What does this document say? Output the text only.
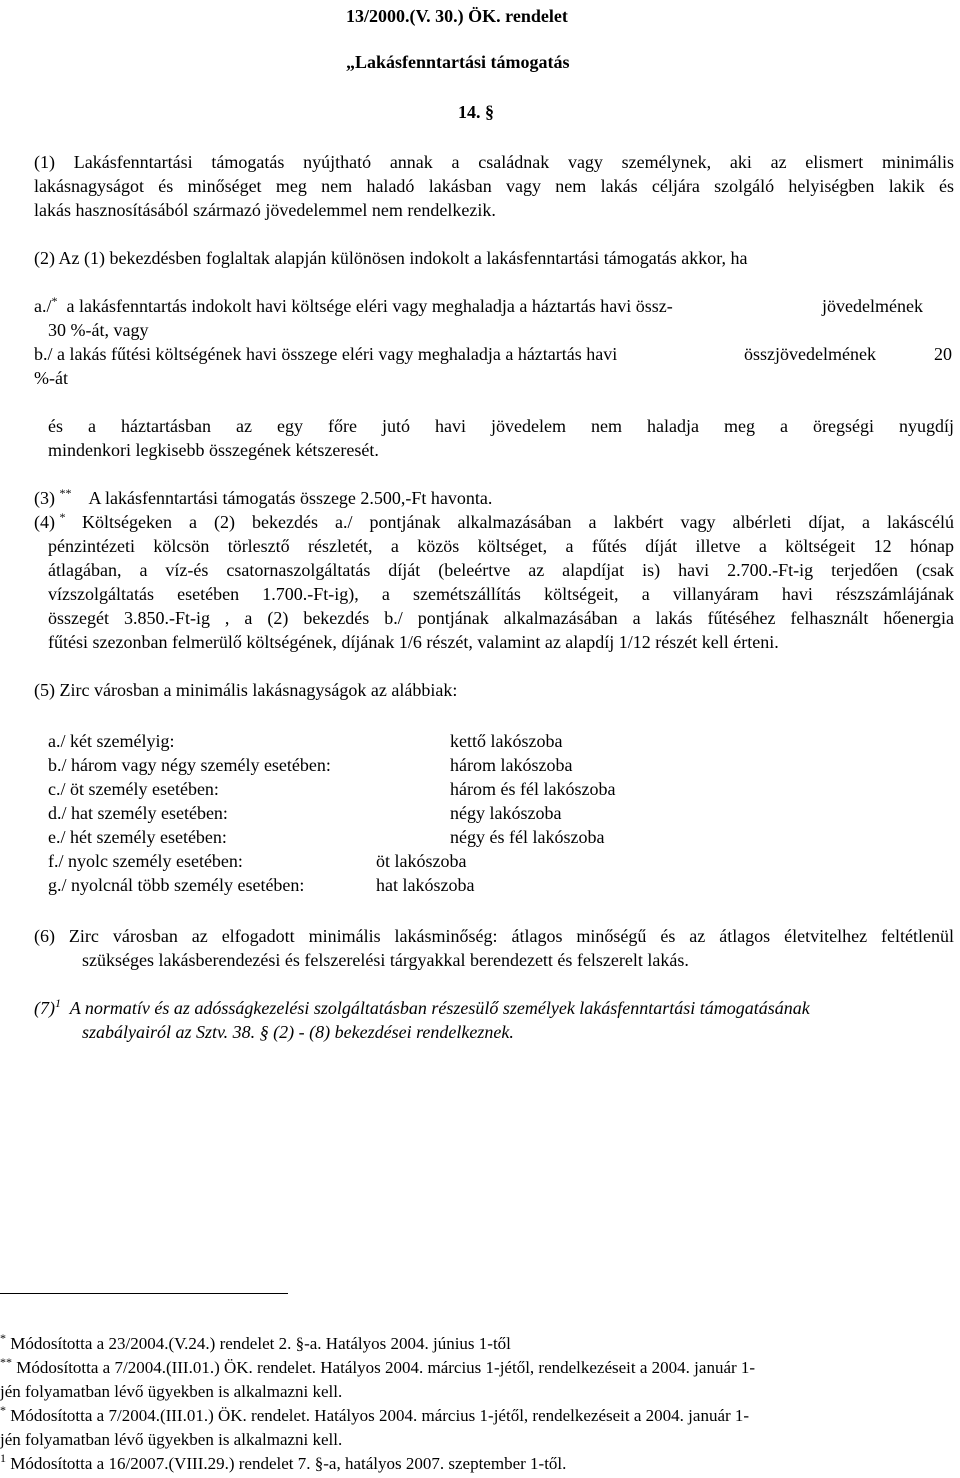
13/2000.(V. 30.) ÖK. rendelet
„Lakásfenntartási támogatás
14. §
(1) Lakásfenntartási támogatás nyújtható annak a családnak vagy személynek, aki az elismert minimális
lakásnagyságot és minőséget meg nem haladó lakásban vagy nem lakás céljára szolgáló helyiségben lakik és
lakás hasznosításából származó jövedelemmel nem rendelkezik.
(2) Az (1) bekezdésben foglaltak alapján különösen indokolt a lakásfenntartási támogatás akkor, ha
a./* a lakásfenntartás indokolt havi költsége eléri vagy meghaladja a háztartás havi össz-	jövedelmének
30 %-át, vagy
b./ a lakás fűtési költségének havi összege eléri vagy meghaladja a háztartás havi	összjövedelmének	20
%-át
és a háztartásban az egy főre jutó havi jövedelem nem haladja meg a öregségi nyugdíj
mindenkori legkisebb összegének kétszeresét.
(3) ** A lakásfenntartási támogatás összege 2.500,-Ft havonta.
(4) * Költségeken a (2) bekezdés a./ pontjának alkalmazásában a lakbért vagy albérleti díjat, a lakáscélú
pénzintézeti kölcsön törlesztő részletét, a közös költséget, a fűtés díját illetve a költségeit 12 hónap
átlagában, a víz-és csatornaszolgáltatás díját (beleértve az alapdíjat is) havi 2.700.-Ft-ig terjedően (csak
vízszolgáltatás esetében 1.700.-Ft-ig), a szemétszállítás költségeit, a villanyáram havi részszámlájának
összegét 3.850.-Ft-ig , a (2) bekezdés b./ pontjának alkalmazásában a lakás fűtéséhez felhasznált hőenergia
fűtési szezonban felmerülő költségének, díjának 1/6 részét, valamint az alapdíj 1/12 részét kell érteni.
(5) Zirc városban a minimális lakásnagyságok az alábbiak:
a./ két személyig:	kettő lakószoba
b./ három vagy négy személy esetében:	három lakószoba
c./ öt személy esetében:	három és fél lakószoba
d./ hat személy esetében:	négy lakószoba
e./ hét személy esetében:	négy és fél lakószoba
f./ nyolc személy esetében:	öt lakószoba
g./ nyolcnál több személy esetében:	hat lakószoba
(6) Zirc városban az elfogadott minimális lakásminőség: átlagos minőségű és az átlagos életvitelhez feltétlenül
szükséges lakásberendezési és felszerelési tárgyakkal berendezett és felszerelt lakás.
$(7)^1$ A normatív és az adósságkezelési szolgáltatásban részesülő személyek lakásfenntartási támogatásának
szabályairól az Sztv. 38. § (2) - (8) bekezdései rendelkeznek.
* Módosította a 23/2004.(V.24.) rendelet 2. §-a. Hatályos 2004. június 1-től
** Módosította a 7/2004.(III.01.) ÖK. rendelet. Hatályos 2004. március 1-jétől, rendelkezéseit a 2004. január 1-
jén folyamatban lévő ügyekben is alkalmazni kell.
* Módosította a 7/2004.(III.01.) ÖK. rendelet. Hatályos 2004. március 1-jétől, rendelkezéseit a 2004. január 1-
jén folyamatban lévő ügyekben is alkalmazni kell.
$^1$ Módosította a 16/2007.(VIII.29.) rendelet 7. §-a, hatályos 2007. szeptember 1-től.
